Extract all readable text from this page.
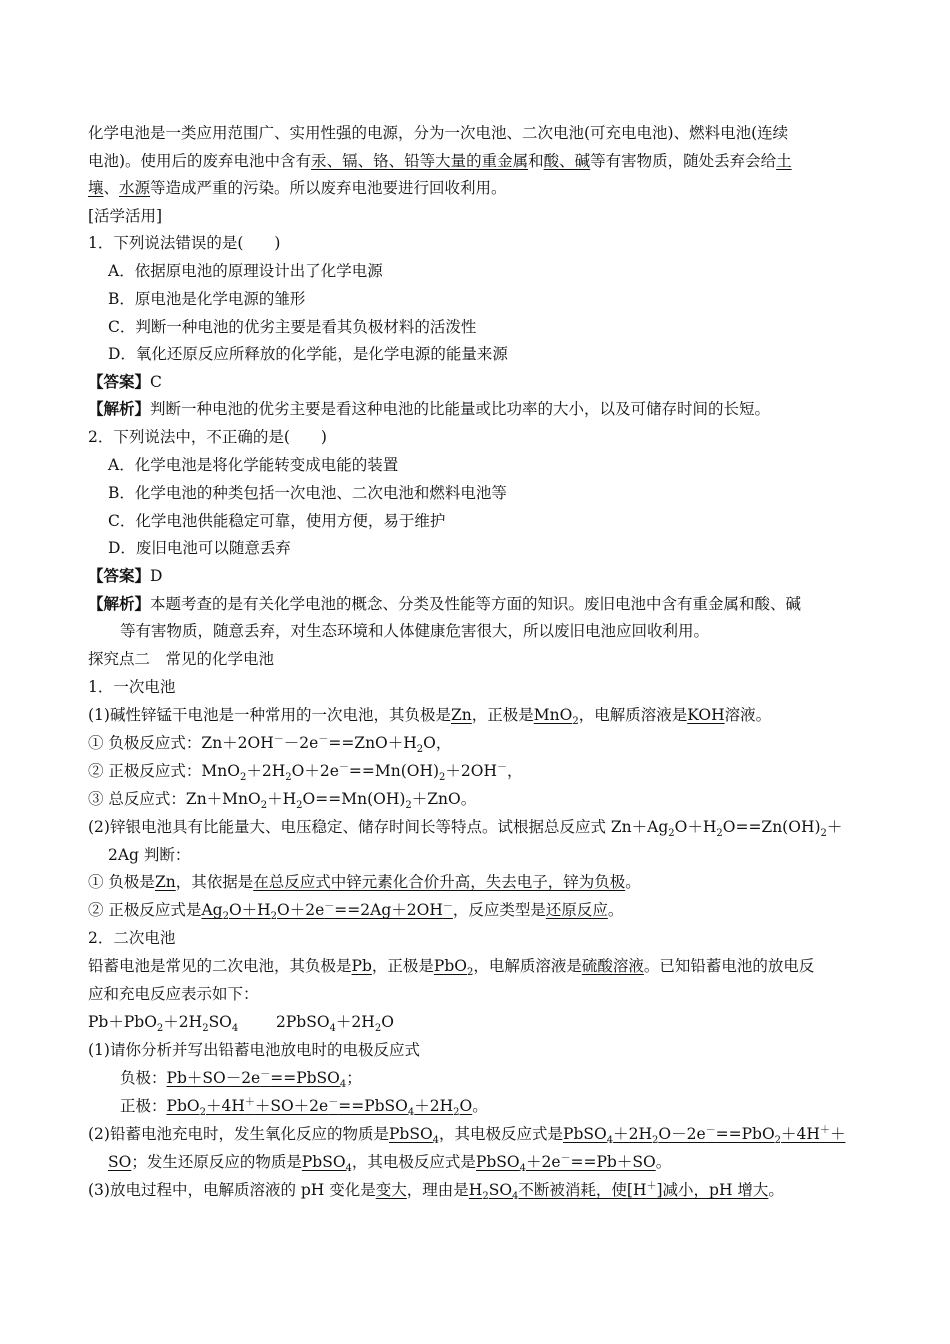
化学电池是一类应用范围广、实用性强的电源，分为一次电池、二次电池(可充电电池)、燃料电池(连续
电池)。使用后的废弃电池中含有汞、镉、铬、铅等大量的重金属和酸、碱等有害物质，随处丢弃会给土
壤、水源等造成严重的污染。所以废弃电池要进行回收利用。
[活学活用]
1．下列说法错误的是(　　)
A．依据原电池的原理设计出了化学电源
B．原电池是化学电源的雏形
C．判断一种电池的优劣主要是看其负极材料的活泼性
D．氧化还原反应所释放的化学能，是化学电源的能量来源
【答案】C
【解析】判断一种电池的优劣主要是看这种电池的比能量或比功率的大小，以及可储存时间的长短。
2．下列说法中，不正确的是(　　)
A．化学电池是将化学能转变成电能的装置
B．化学电池的种类包括一次电池、二次电池和燃料电池等
C．化学电池供能稳定可靠，使用方便，易于维护
D．废旧电池可以随意丢弃
【答案】D
【解析】本题考查的是有关化学电池的概念、分类及性能等方面的知识。废旧电池中含有重金属和酸、碱
等有害物质，随意丢弃，对生态环境和人体健康危害很大，所以废旧电池应回收利用。
探究点二　常见的化学电池
1．一次电池
(1)碱性锌锰干电池是一种常用的一次电池，其负极是Zn，正极是MnO$_2$，电解质溶液是KOH溶液。
① 负极反应式：$Zn+2OH^--2e^-==ZnO+H_2O$，
② 正极反应式：$MnO_2+2H_2O+2e^-==Mn(OH)_2+2OH^-$，
③ 总反应式：$Zn+MnO_2+H_2O==Mn(OH)_2+ZnO$。
(2)锌银电池具有比能量大、电压稳定、储存时间长等特点。试根据总反应式 $Zn+Ag_2O+H_2O==Zn(OH)_2+$
2Ag 判断：
① 负极是Zn，其依据是在总反应式中锌元素化合价升高，失去电子，锌为负极。
② 正极反应式是$Ag_2O+H_2O+2e^-==2Ag+2OH^-$，反应类型是还原反应。
2．二次电池
铅蓄电池是常见的二次电池，其负极是Pb，正极是PbO$_2$，电解质溶液是硫酸溶液。已知铅蓄电池的放电反
应和充电反应表示如下：
$Pb+PbO_2+2H_2SO_4$ $2PbSO_4+2H_2O$
(1)请你分析并写出铅蓄电池放电时的电极反应式
负极：Pb＋SO－2e－==PbSO$_4$；
正极：$PbO_2+4H^++SO+2e^-==PbSO_4+2H_2O$。
(2)铅蓄电池充电时，发生氧化反应的物质是PbSO$_4$，其电极反应式是$PbSO_4+2H_2O-2e^-==PbO_2+4H^++$
SO；发生还原反应的物质是PbSO$_4$，其电极反应式是PbSO$_4$＋2e－==Pb＋SO。
(3)放电过程中，电解质溶液的 pH 变化是变大，理由是$H_2SO_4$不断被消耗，使[H＋]减小，pH 增大。
